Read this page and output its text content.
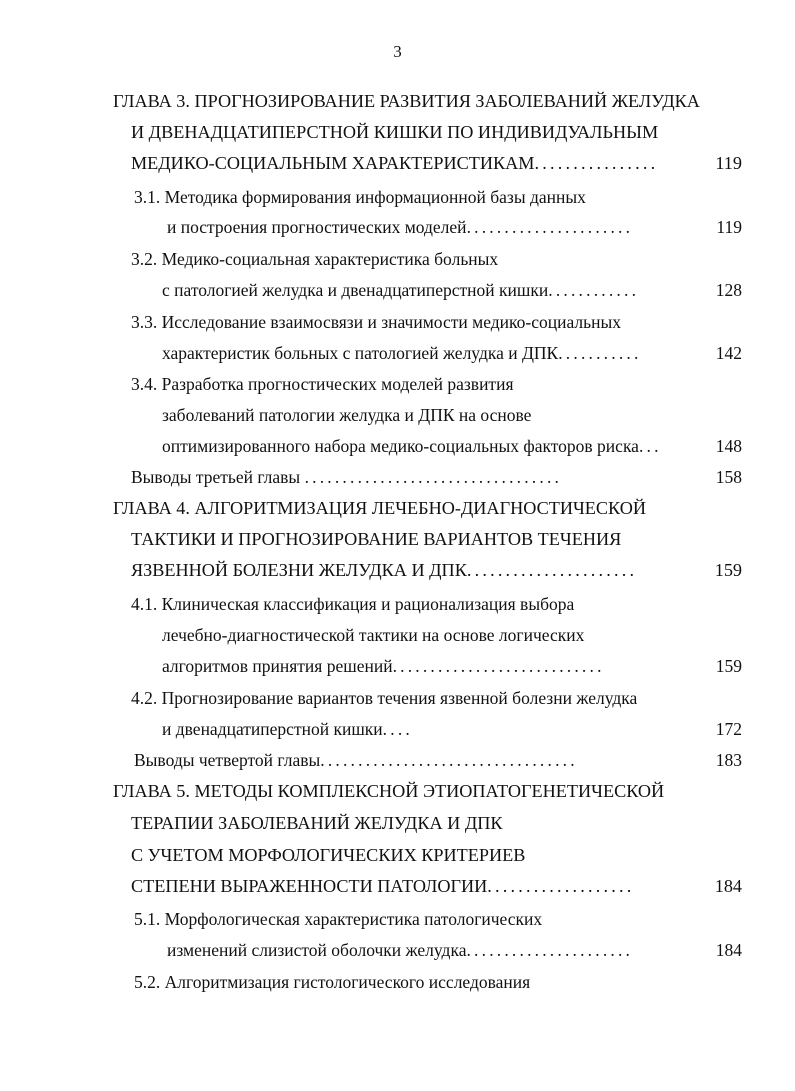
3
ГЛАВА 3. ПРОГНОЗИРОВАНИЕ РАЗВИТИЯ ЗАБОЛЕВАНИЙ ЖЕЛУДКА
И ДВЕНАДЦАТИПЕРСТНОЙ КИШКИ ПО ИНДИВИДУАЛЬНЫМ
МЕДИКО-СОЦИАЛЬНЫМ ХАРАКТЕРИСТИКАМ................	119
3.1. Методика формирования информационной базы данных
и построения прогностических моделей......................	119
3.2. Медико-социальная характеристика больных
с патологией желудка и двенадцатиперстной кишки............	128
3.3. Исследование взаимосвязи и значимости медико-социальных
характеристик больных с патологией желудка и ДПК...........	142
3.4. Разработка прогностических моделей развития
заболеваний патологии желудка и ДПК на основе
оптимизированного набора медико-социальных факторов риска...	148
Выводы третьей главы ..................................	158
ГЛАВА 4. АЛГОРИТМИЗАЦИЯ ЛЕЧЕБНО-ДИАГНОСТИЧЕСКОЙ
ТАКТИКИ И ПРОГНОЗИРОВАНИЕ ВАРИАНТОВ ТЕЧЕНИЯ
ЯЗВЕННОЙ БОЛЕЗНИ ЖЕЛУДКА И ДПК......................	159
4.1. Клиническая классификация и рационализация выбора
лечебно-диагностической тактики на основе логических
алгоритмов принятия решений............................	159
4.2. Прогнозирование вариантов течения язвенной болезни желудка
и двенадцатиперстной кишки....	172
Выводы четвертой главы..................................	183
ГЛАВА 5. МЕТОДЫ КОМПЛЕКСНОЙ ЭТИОПАТОГЕНЕТИЧЕСКОЙ
ТЕРАПИИ ЗАБОЛЕВАНИЙ ЖЕЛУДКА И ДПК
С УЧЕТОМ МОРФОЛОГИЧЕСКИХ КРИТЕРИЕВ
СТЕПЕНИ ВЫРАЖЕННОСТИ ПАТОЛОГИИ...................	184
5.1. Морфологическая характеристика патологических
изменений слизистой оболочки желудка......................	184
5.2. Алгоритмизация гистологического исследования
